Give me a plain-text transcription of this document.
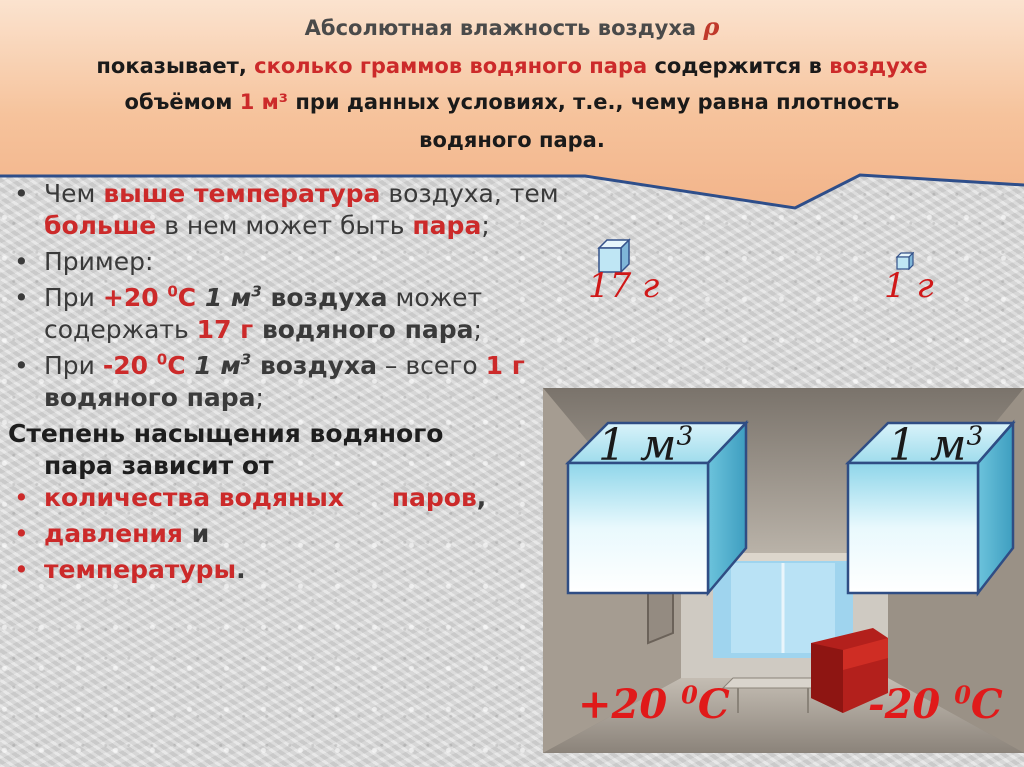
Абсолютная влажность воздуха ρ
показывает, сколько граммов водяного пара содержится в воздухе
объёмом 1 м³ при данных условиях, т.е., чему равна плотность
водяного пара.
• Чем выше температура воздуха, тем больше в нем может быть пара;
• Пример:
• При +20 $^0$С 1 $м^3$ воздуха может содержать 17 г водяного пара;
• При -20 $^0$С 1 $м^3$ воздуха – всего 1 г водяного пара;
Степень насыщения водяного
пара зависит от
• количества водяных паров,
• давления и
• температуры.
17 г	1 г
1 $м^3$	1 $м^3$
+20 $^0$C	-20 $^0$C
